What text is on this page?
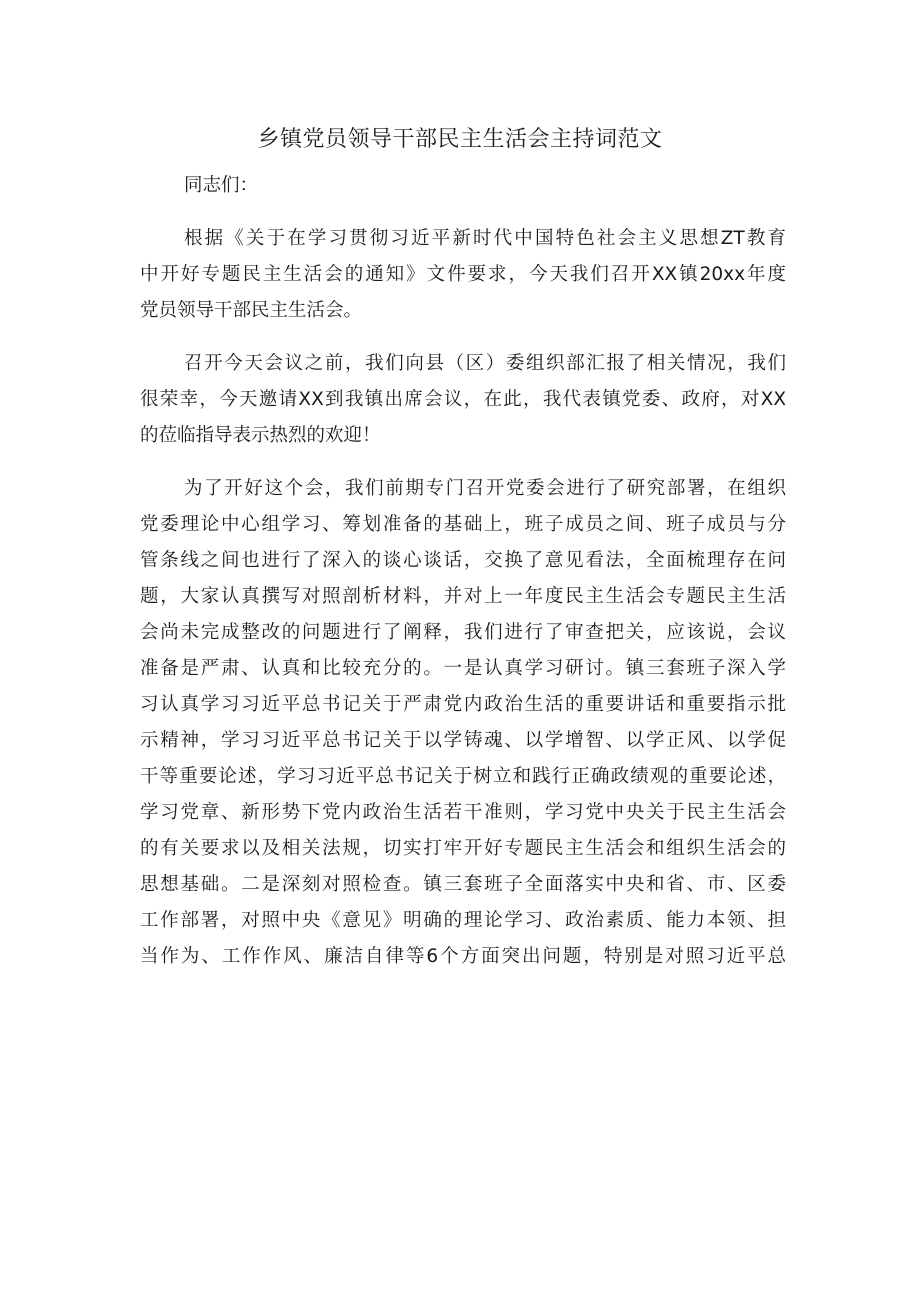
乡镇党员领导干部民主生活会主持词范文
同志们：
根据《关于在学习贯彻习近平新时代中国特色社会主义思想ZT教育
中开好专题民主生活会的通知》文件要求，今天我们召开XX镇20xx年度
党员领导干部民主生活会。
召开今天会议之前，我们向县（区）委组织部汇报了相关情况，我们
很荣幸，今天邀请XX到我镇出席会议，在此，我代表镇党委、政府，对XX
的莅临指导表示热烈的欢迎！
为了开好这个会，我们前期专门召开党委会进行了研究部署，在组织
党委理论中心组学习、筹划准备的基础上，班子成员之间、班子成员与分
管条线之间也进行了深入的谈心谈话，交换了意见看法，全面梳理存在问
题，大家认真撰写对照剖析材料，并对上一年度民主生活会专题民主生活
会尚未完成整改的问题进行了阐释，我们进行了审查把关，应该说，会议
准备是严肃、认真和比较充分的。一是认真学习研讨。镇三套班子深入学
习认真学习习近平总书记关于严肃党内政治生活的重要讲话和重要指示批
示精神，学习习近平总书记关于以学铸魂、以学增智、以学正风、以学促
干等重要论述，学习习近平总书记关于树立和践行正确政绩观的重要论述，
学习党章、新形势下党内政治生活若干准则，学习党中央关于民主生活会
的有关要求以及相关法规，切实打牢开好专题民主生活会和组织生活会的
思想基础。二是深刻对照检查。镇三套班子全面落实中央和省、市、区委
工作部署，对照中央《意见》明确的理论学习、政治素质、能力本领、担
当作为、工作作风、廉洁自律等6个方面突出问题，特别是对照习近平总
